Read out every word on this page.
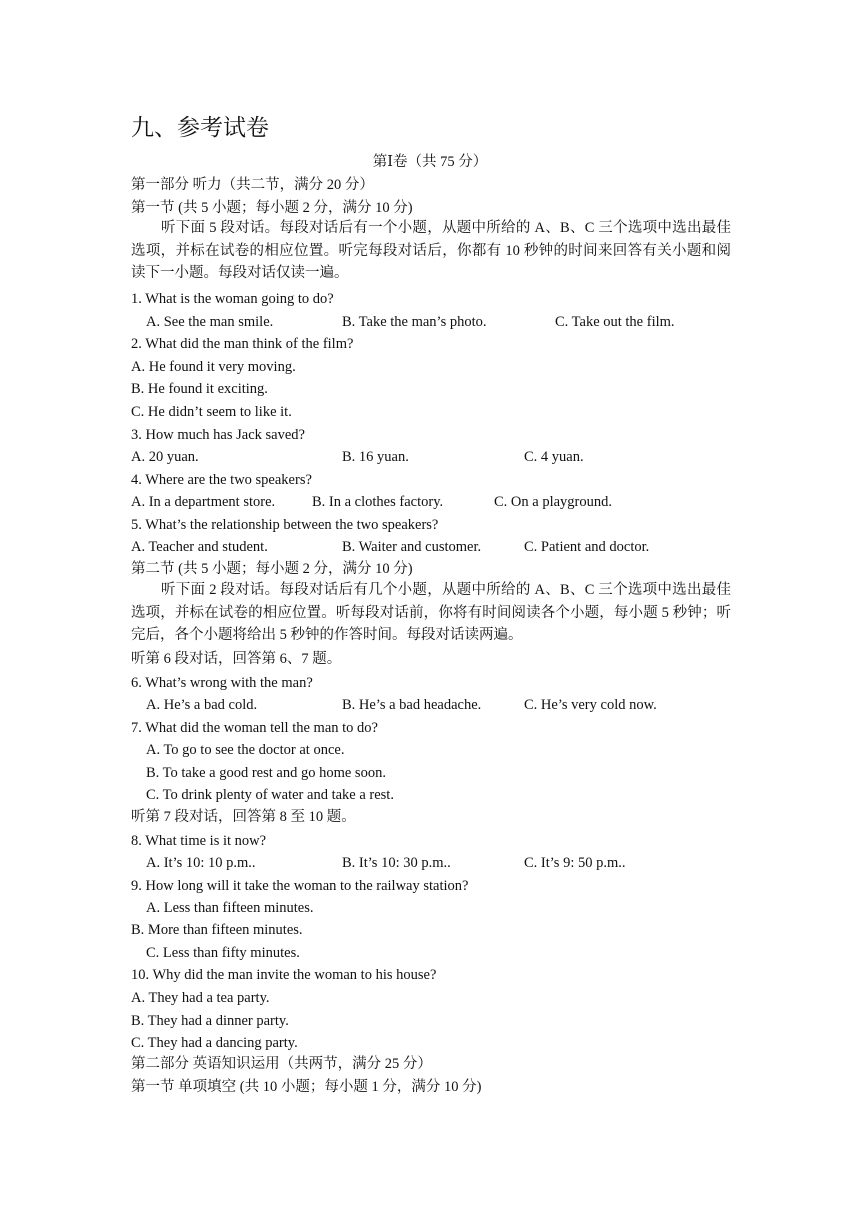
九、参考试卷
第Ⅰ卷（共 75 分）
第一部分 听力（共二节，满分 20 分）
第一节 (共 5 小题；每小题 2 分，满分 10 分)
听下面 5 段对话。每段对话后有一个小题，从题中所给的 A、B、C 三个选项中选出最佳选项，并标在试卷的相应位置。听完每段对话后，你都有 10 秒钟的时间来回答有关小题和阅读下一小题。每段对话仅读一遍。
1. What is the woman going to do?
A. See the man smile.	B. Take the man’s photo.	C. Take out the film.
2. What did the man think of the film?
A. He found it very moving.
B. He found it exciting.
C. He didn’t seem to like it.
3. How much has Jack saved?
A. 20 yuan.	B. 16 yuan.	C. 4 yuan.
4. Where are the two speakers?
A. In a department store.	B. In a clothes factory.	C. On a playground.
5. What’s the relationship between the two speakers?
A. Teacher and student.	B. Waiter and customer.	C. Patient and doctor.
第二节 (共 5 小题；每小题 2 分，满分 10 分)
听下面 2 段对话。每段对话后有几个小题，从题中所给的 A、B、C 三个选项中选出最佳选项，并标在试卷的相应位置。听每段对话前，你将有时间阅读各个小题，每小题 5 秒钟；听完后，各个小题将给出 5 秒钟的作答时间。每段对话读两遍。
听第 6 段对话，回答第 6、7 题。
6. What’s wrong with the man?
A. He’s a bad cold.	B. He’s a bad headache.	C. He’s very cold now.
7. What did the woman tell the man to do?
A. To go to see the doctor at once.
B. To take a good rest and go home soon.
C. To drink plenty of water and take a rest.
听第 7 段对话，回答第 8 至 10 题。
8. What time is it now?
A. It’s 10: 10 p.m..	B. It’s 10: 30 p.m..	C. It’s 9: 50 p.m..
9. How long will it take the woman to the railway station?
A. Less than fifteen minutes.
B. More than fifteen minutes.
C. Less than fifty minutes.
10. Why did the man invite the woman to his house?
A. They had a tea party.
B. They had a dinner party.
C. They had a dancing party.
第二部分 英语知识运用（共两节，满分 25 分）
第一节 单项填空 (共 10 小题；每小题 1 分，满分 10 分)
